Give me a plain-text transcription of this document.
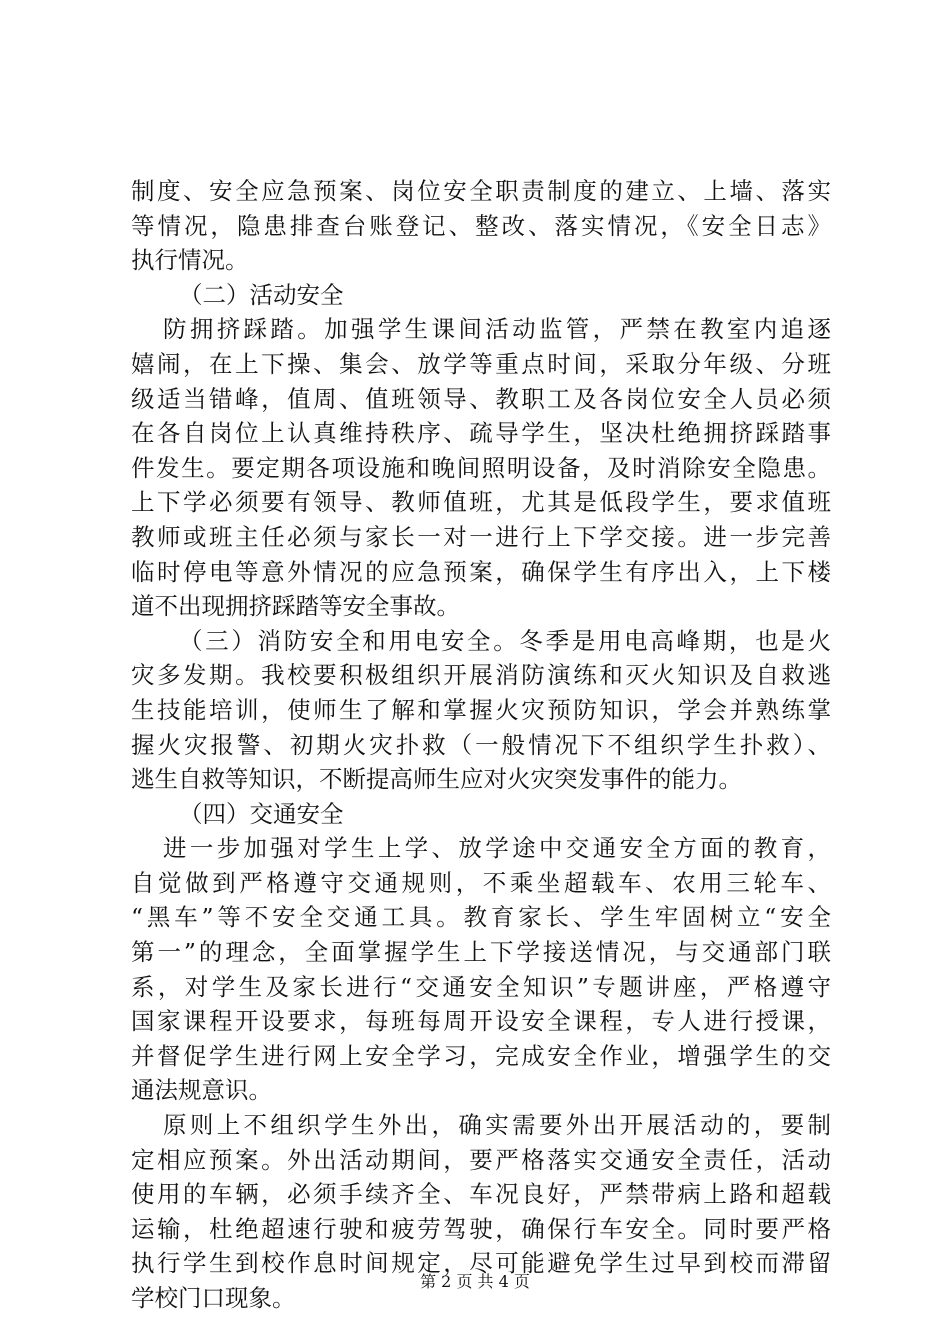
制度、安全应急预案、岗位安全职责制度的建立、上墙、落实
等情况，隐患排查台账登记、整改、落实情况，《安全日志》
执行情况。
（二）活动安全
防拥挤踩踏。加强学生课间活动监管，严禁在教室内追逐
嬉闹，在上下操、集会、放学等重点时间，采取分年级、分班
级适当错峰，值周、值班领导、教职工及各岗位安全人员必须
在各自岗位上认真维持秩序、疏导学生，坚决杜绝拥挤踩踏事
件发生。要定期各项设施和晚间照明设备，及时消除安全隐患。
上下学必须要有领导、教师值班，尤其是低段学生，要求值班
教师或班主任必须与家长一对一进行上下学交接。进一步完善
临时停电等意外情况的应急预案，确保学生有序出入，上下楼
道不出现拥挤踩踏等安全事故。
（三）消防安全和用电安全。冬季是用电高峰期，也是火
灾多发期。我校要积极组织开展消防演练和灭火知识及自救逃
生技能培训，使师生了解和掌握火灾预防知识，学会并熟练掌
握火灾报警、初期火灾扑救（一般情况下不组织学生扑救）、
逃生自救等知识，不断提高师生应对火灾突发事件的能力。
（四）交通安全
进一步加强对学生上学、放学途中交通安全方面的教育，
自觉做到严格遵守交通规则，不乘坐超载车、农用三轮车、
“黑车”等不安全交通工具。教育家长、学生牢固树立“安全
第一”的理念，全面掌握学生上下学接送情况，与交通部门联
系，对学生及家长进行“交通安全知识”专题讲座，严格遵守
国家课程开设要求，每班每周开设安全课程，专人进行授课，
并督促学生进行网上安全学习，完成安全作业，增强学生的交
通法规意识。
原则上不组织学生外出，确实需要外出开展活动的，要制
定相应预案。外出活动期间，要严格落实交通安全责任，活动
使用的车辆，必须手续齐全、车况良好，严禁带病上路和超载
运输，杜绝超速行驶和疲劳驾驶，确保行车安全。同时要严格
执行学生到校作息时间规定，尽可能避免学生过早到校而滞留
学校门口现象。
第 2 页 共 4 页
